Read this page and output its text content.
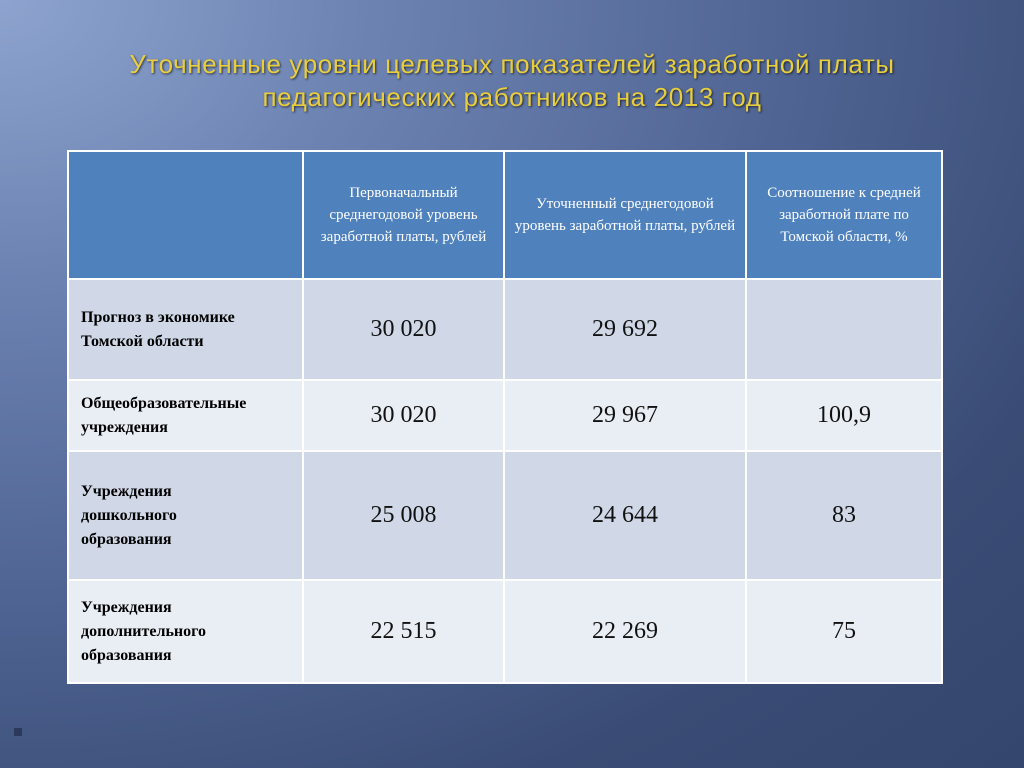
Уточненные уровни целевых показателей заработной платы
педагогических работников на 2013 год
	Первоначальный среднегодовой уровень заработной платы, рублей	Уточненный среднегодовой уровень заработной платы, рублей	Соотношение к средней заработной плате по Томской области, %

Прогноз в экономике
Томской области	30 020	29 692	

Общеобразовательные
учреждения	30 020	29 967	100,9

Учреждения
дошкольного
образования	25 008	24 644	83

Учреждения
дополнительного
образования	22 515	22 269	75
